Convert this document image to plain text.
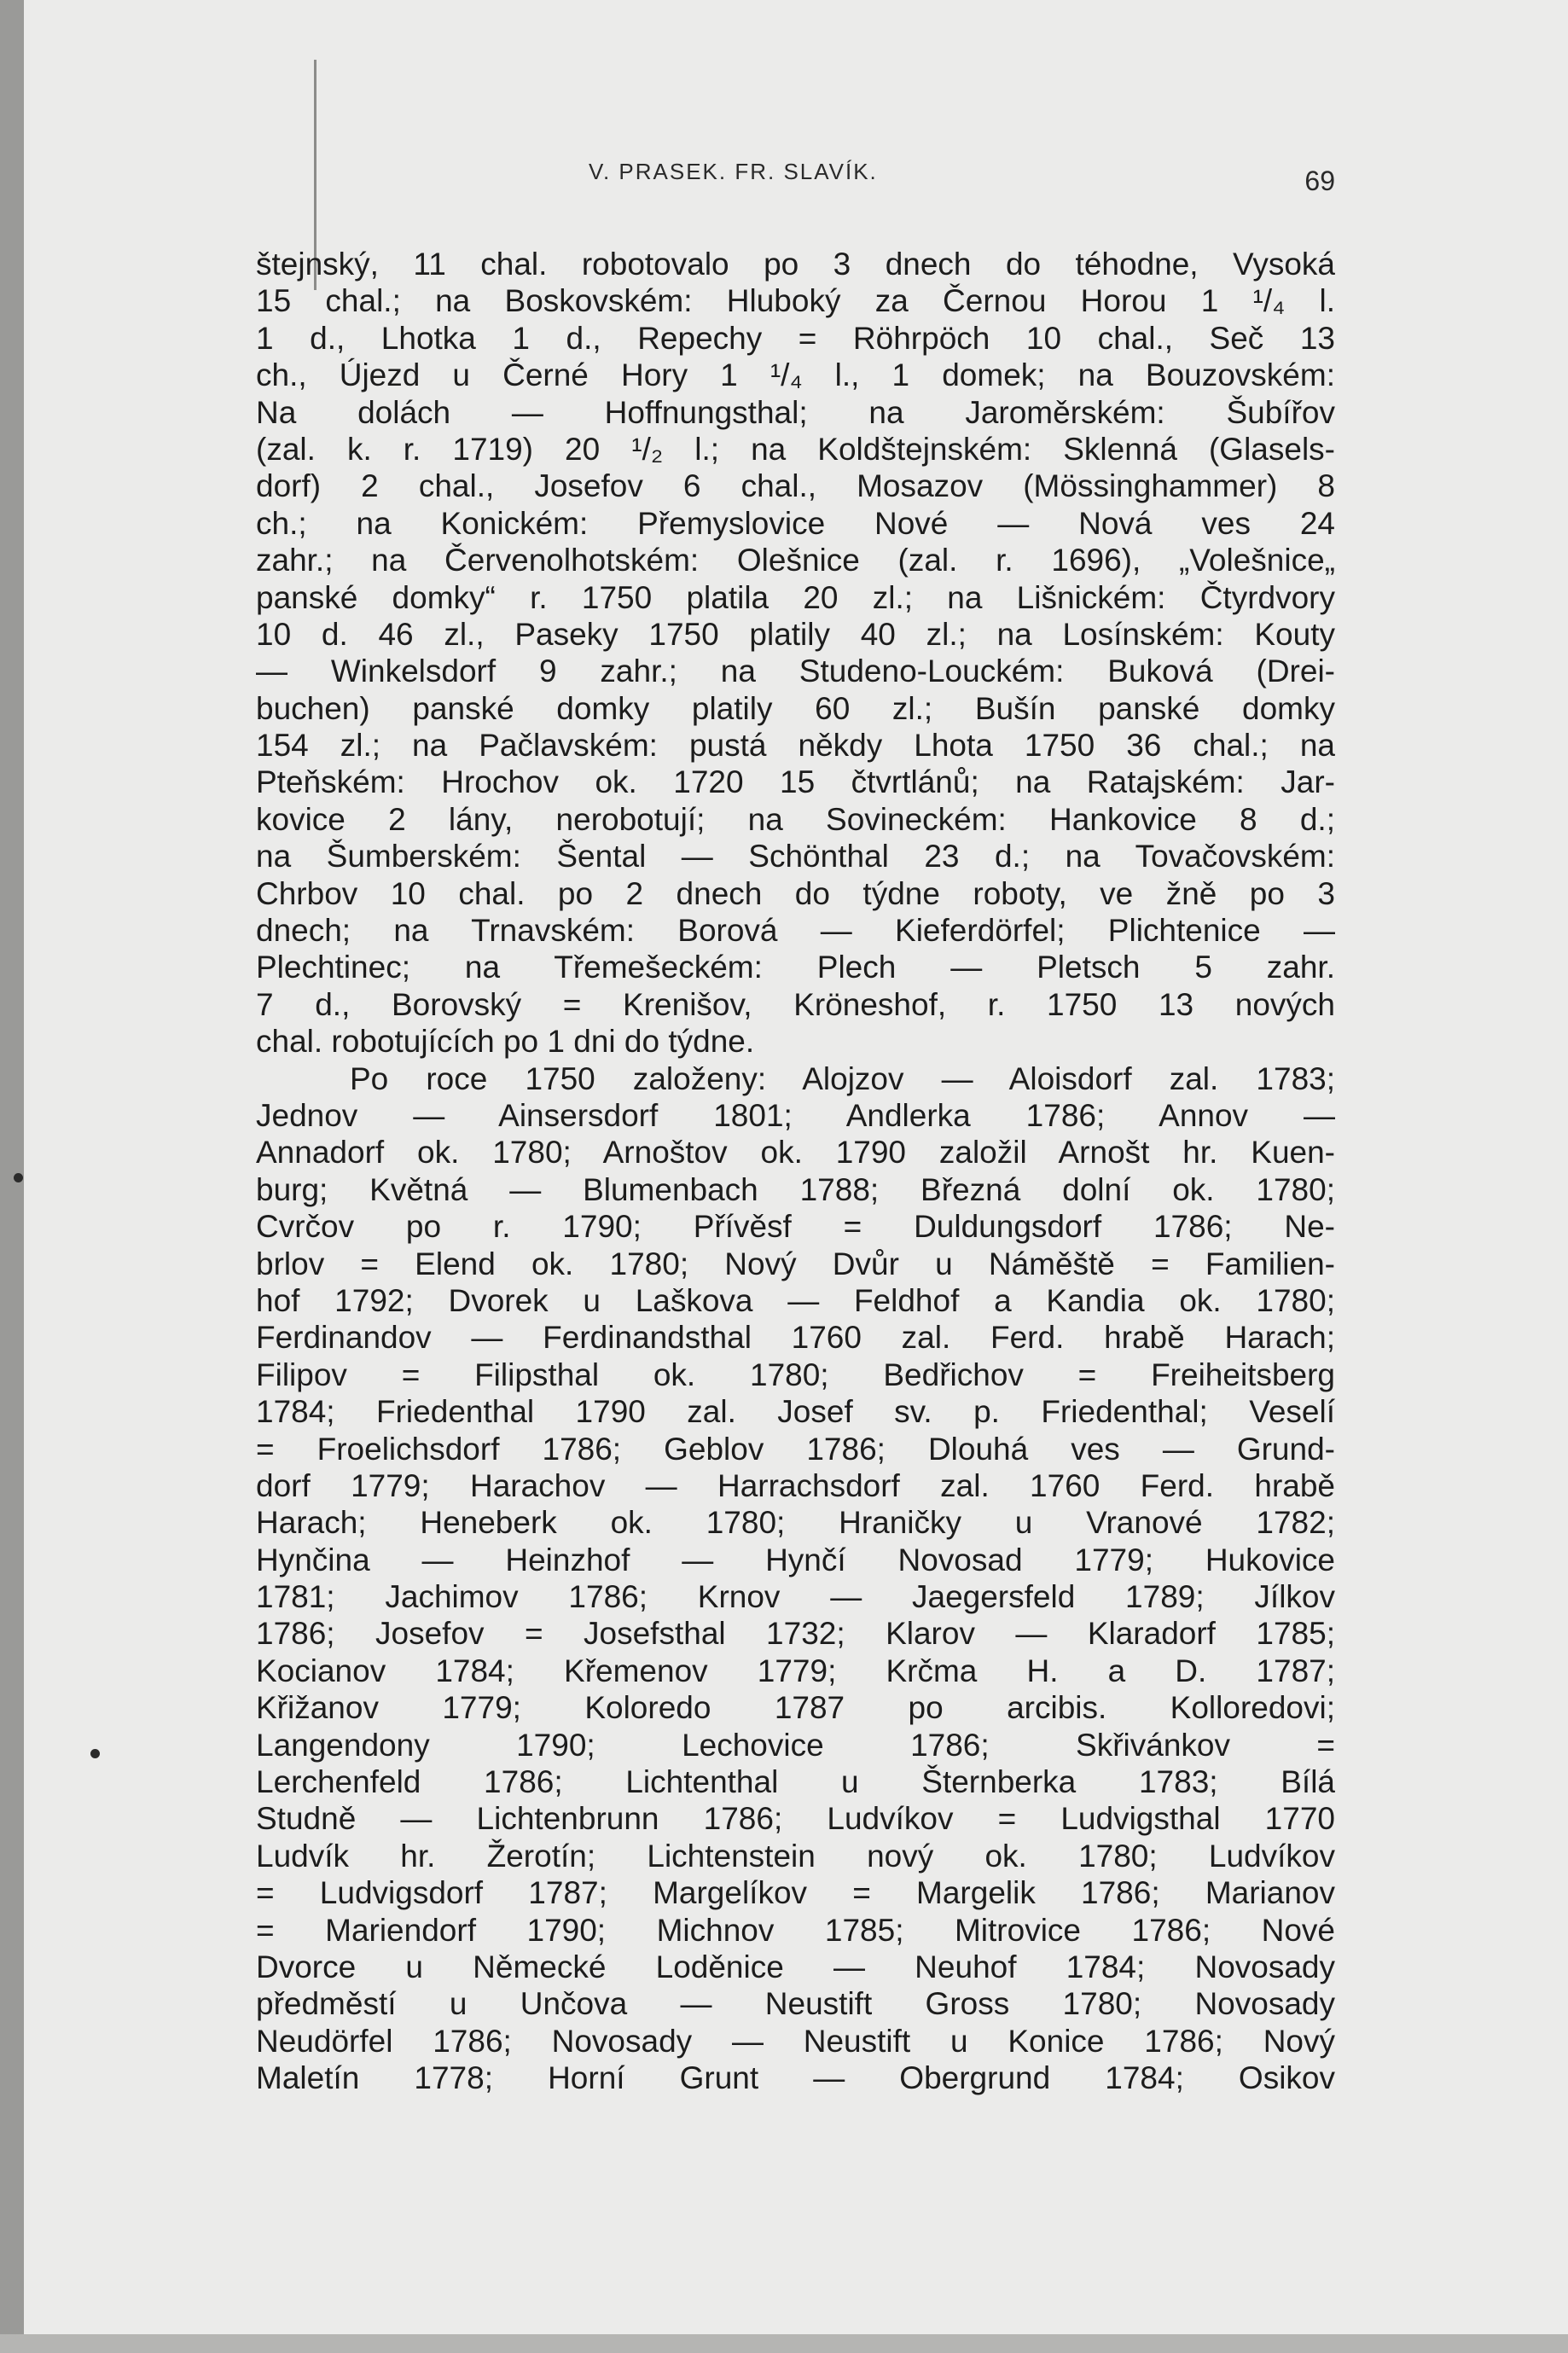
V. PRASEK. FR. SLAVÍK.	69
štejnský, 11 chal. robotovalo po 3 dnech do téhodne, Vysoká
15 chal.; na Boskovském: Hluboký za Černou Horou 1 ¹/₄ l.
1 d., Lhotka 1 d., Repechy = Röhrpöch 10 chal., Seč 13
ch., Újezd u Černé Hory 1 ¹/₄ l., 1 domek; na Bouzovském:
Na dolách — Hoffnungsthal; na Jaroměrském: Šubířov
(zal. k. r. 1719) 20 ¹/₂ l.; na Koldštejnském: Sklenná (Glasels-
dorf) 2 chal., Josefov 6 chal., Mosazov (Mössinghammer) 8
ch.; na Konickém: Přemyslovice Nové — Nová ves 24
zahr.; na Červenolhotském: Olešnice (zal. r. 1696), „Volešnice„
panské domky“ r. 1750 platila 20 zl.; na Lišnickém: Čtyrdvory
10 d. 46 zl., Paseky 1750 platily 40 zl.; na Losínském: Kouty
— Winkelsdorf 9 zahr.; na Studeno-Louckém: Buková (Drei-
buchen) panské domky platily 60 zl.; Bušín panské domky
154 zl.; na Pačlavském: pustá někdy Lhota 1750 36 chal.; na
Pteňském: Hrochov ok. 1720 15 čtvrtlánů; na Ratajském: Jar-
kovice 2 lány, nerobotují; na Sovineckém: Hankovice 8 d.;
na Šumberském: Šental — Schönthal 23 d.; na Tovačovském:
Chrbov 10 chal. po 2 dnech do týdne roboty, ve žně po 3
dnech; na Trnavském: Borová — Kieferdörfel; Plichtenice —
Plechtinec; na Třemešeckém: Plech — Pletsch 5 zahr.
7 d., Borovský = Krenišov, Kröneshof, r. 1750 13 nových
chal. robotujících po 1 dni do týdne.
Po roce 1750 založeny: Alojzov — Aloisdorf zal. 1783;
Jednov — Ainsersdorf 1801; Andlerka 1786; Annov —
Annadorf ok. 1780; Arnoštov ok. 1790 založil Arnošt hr. Kuen-
burg; Květná — Blumenbach 1788; Březná dolní ok. 1780;
Cvrčov po r. 1790; Přívěsf = Duldungsdorf 1786; Ne-
brlov = Elend ok. 1780; Nový Dvůr u Náměště = Familien-
hof 1792; Dvorek u Laškova — Feldhof a Kandia ok. 1780;
Ferdinandov — Ferdinandsthal 1760 zal. Ferd. hrabě Harach;
Filipov = Filipsthal ok. 1780; Bedřichov = Freiheitsberg
1784; Friedenthal 1790 zal. Josef sv. p. Friedenthal; Veselí
= Froelichsdorf 1786; Geblov 1786; Dlouhá ves — Grund-
dorf 1779; Harachov — Harrachsdorf zal. 1760 Ferd. hrabě
Harach; Heneberk ok. 1780; Hraničky u Vranové 1782;
Hynčina — Heinzhof — Hynčí Novosad 1779; Hukovice
1781; Jachimov 1786; Krnov — Jaegersfeld 1789; Jílkov
1786; Josefov = Josefsthal 1732; Klarov — Klaradorf 1785;
Kocianov 1784; Křemenov 1779; Krčma H. a D. 1787;
Křižanov 1779; Koloredo 1787 po arcibis. Kolloredovi;
Langendony 1790; Lechovice 1786; Skřivánkov =
Lerchenfeld 1786; Lichtenthal u Šternberka 1783; Bílá
Studně — Lichtenbrunn 1786; Ludvíkov = Ludvigsthal 1770
Ludvík hr. Žerotín; Lichtenstein nový ok. 1780; Ludvíkov
= Ludvigsdorf 1787; Margelíkov = Margelik 1786; Marianov
= Mariendorf 1790; Michnov 1785; Mitrovice 1786; Nové
Dvorce u Německé Loděnice — Neuhof 1784; Novosady
předměstí u Unčova — Neustift Gross 1780; Novosady
Neudörfel 1786; Novosady — Neustift u Konice 1786; Nový
Maletín 1778; Horní Grunt — Obergrund 1784; Osikov
